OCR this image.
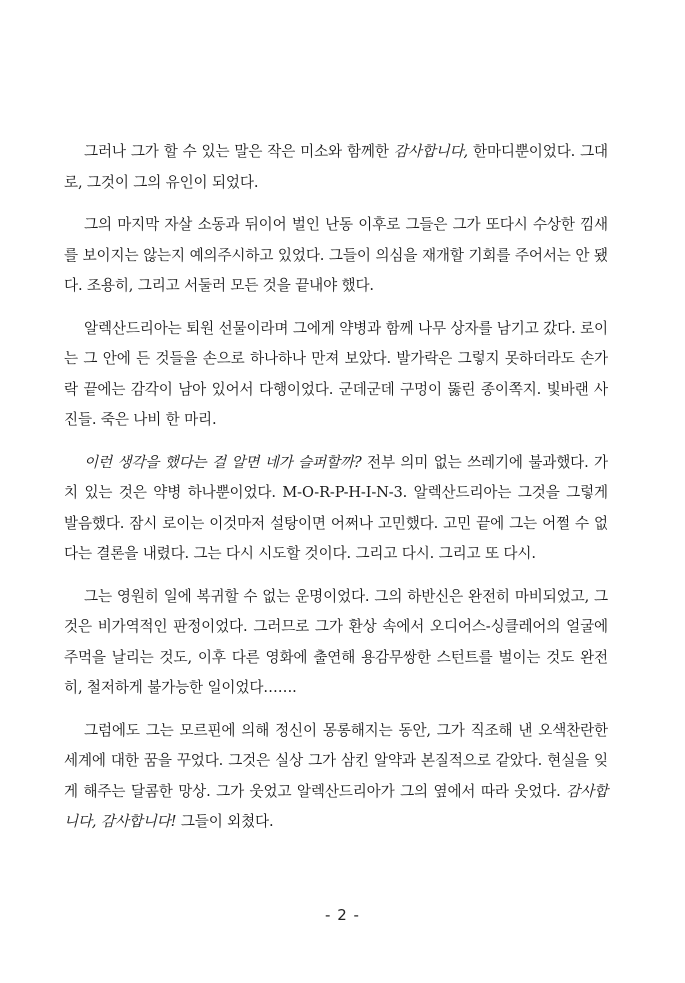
그러나 그가 할 수 있는 말은 작은 미소와 함께한 감사합니다, 한마디뿐이었다. 그대로, 그것이 그의 유인이 되었다.

그의 마지막 자살 소동과 뒤이어 벌인 난동 이후로 그들은 그가 또다시 수상한 낌새를 보이지는 않는지 예의주시하고 있었다. 그들이 의심을 재개할 기회를 주어서는 안 됐다. 조용히, 그리고 서둘러 모든 것을 끝내야 했다.

알렉산드리아는 퇴원 선물이라며 그에게 약병과 함께 나무 상자를 남기고 갔다. 로이는 그 안에 든 것들을 손으로 하나하나 만져 보았다. 발가락은 그렇지 못하더라도 손가락 끝에는 감각이 남아 있어서 다행이었다. 군데군데 구멍이 뚫린 종이쪽지. 빛바랜 사진들. 죽은 나비 한 마리.

이런 생각을 했다는 걸 알면 네가 슬퍼할까? 전부 의미 없는 쓰레기에 불과했다. 가치 있는 것은 약병 하나뿐이었다. M-O-R-P-H-I-N-3. 알렉산드리아는 그것을 그렇게 발음했다. 잠시 로이는 이것마저 설탕이면 어쩌나 고민했다. 고민 끝에 그는 어쩔 수 없다는 결론을 내렸다. 그는 다시 시도할 것이다. 그리고 다시. 그리고 또 다시.

그는 영원히 일에 복귀할 수 없는 운명이었다. 그의 하반신은 완전히 마비되었고, 그것은 비가역적인 판정이었다. 그러므로 그가 환상 속에서 오디어스-싱클레어의 얼굴에 주먹을 날리는 것도, 이후 다른 영화에 출연해 용감무쌍한 스턴트를 벌이는 것도 완전히, 철저하게 불가능한 일이었다…….

그럼에도 그는 모르핀에 의해 정신이 몽롱해지는 동안, 그가 직조해 낸 오색찬란한 세계에 대한 꿈을 꾸었다. 그것은 실상 그가 삼킨 알약과 본질적으로 같았다. 현실을 잊게 해주는 달콤한 망상. 그가 웃었고 알렉산드리아가 그의 옆에서 따라 웃었다. 감사합니다, 감사합니다! 그들이 외쳤다.

- 2 -
